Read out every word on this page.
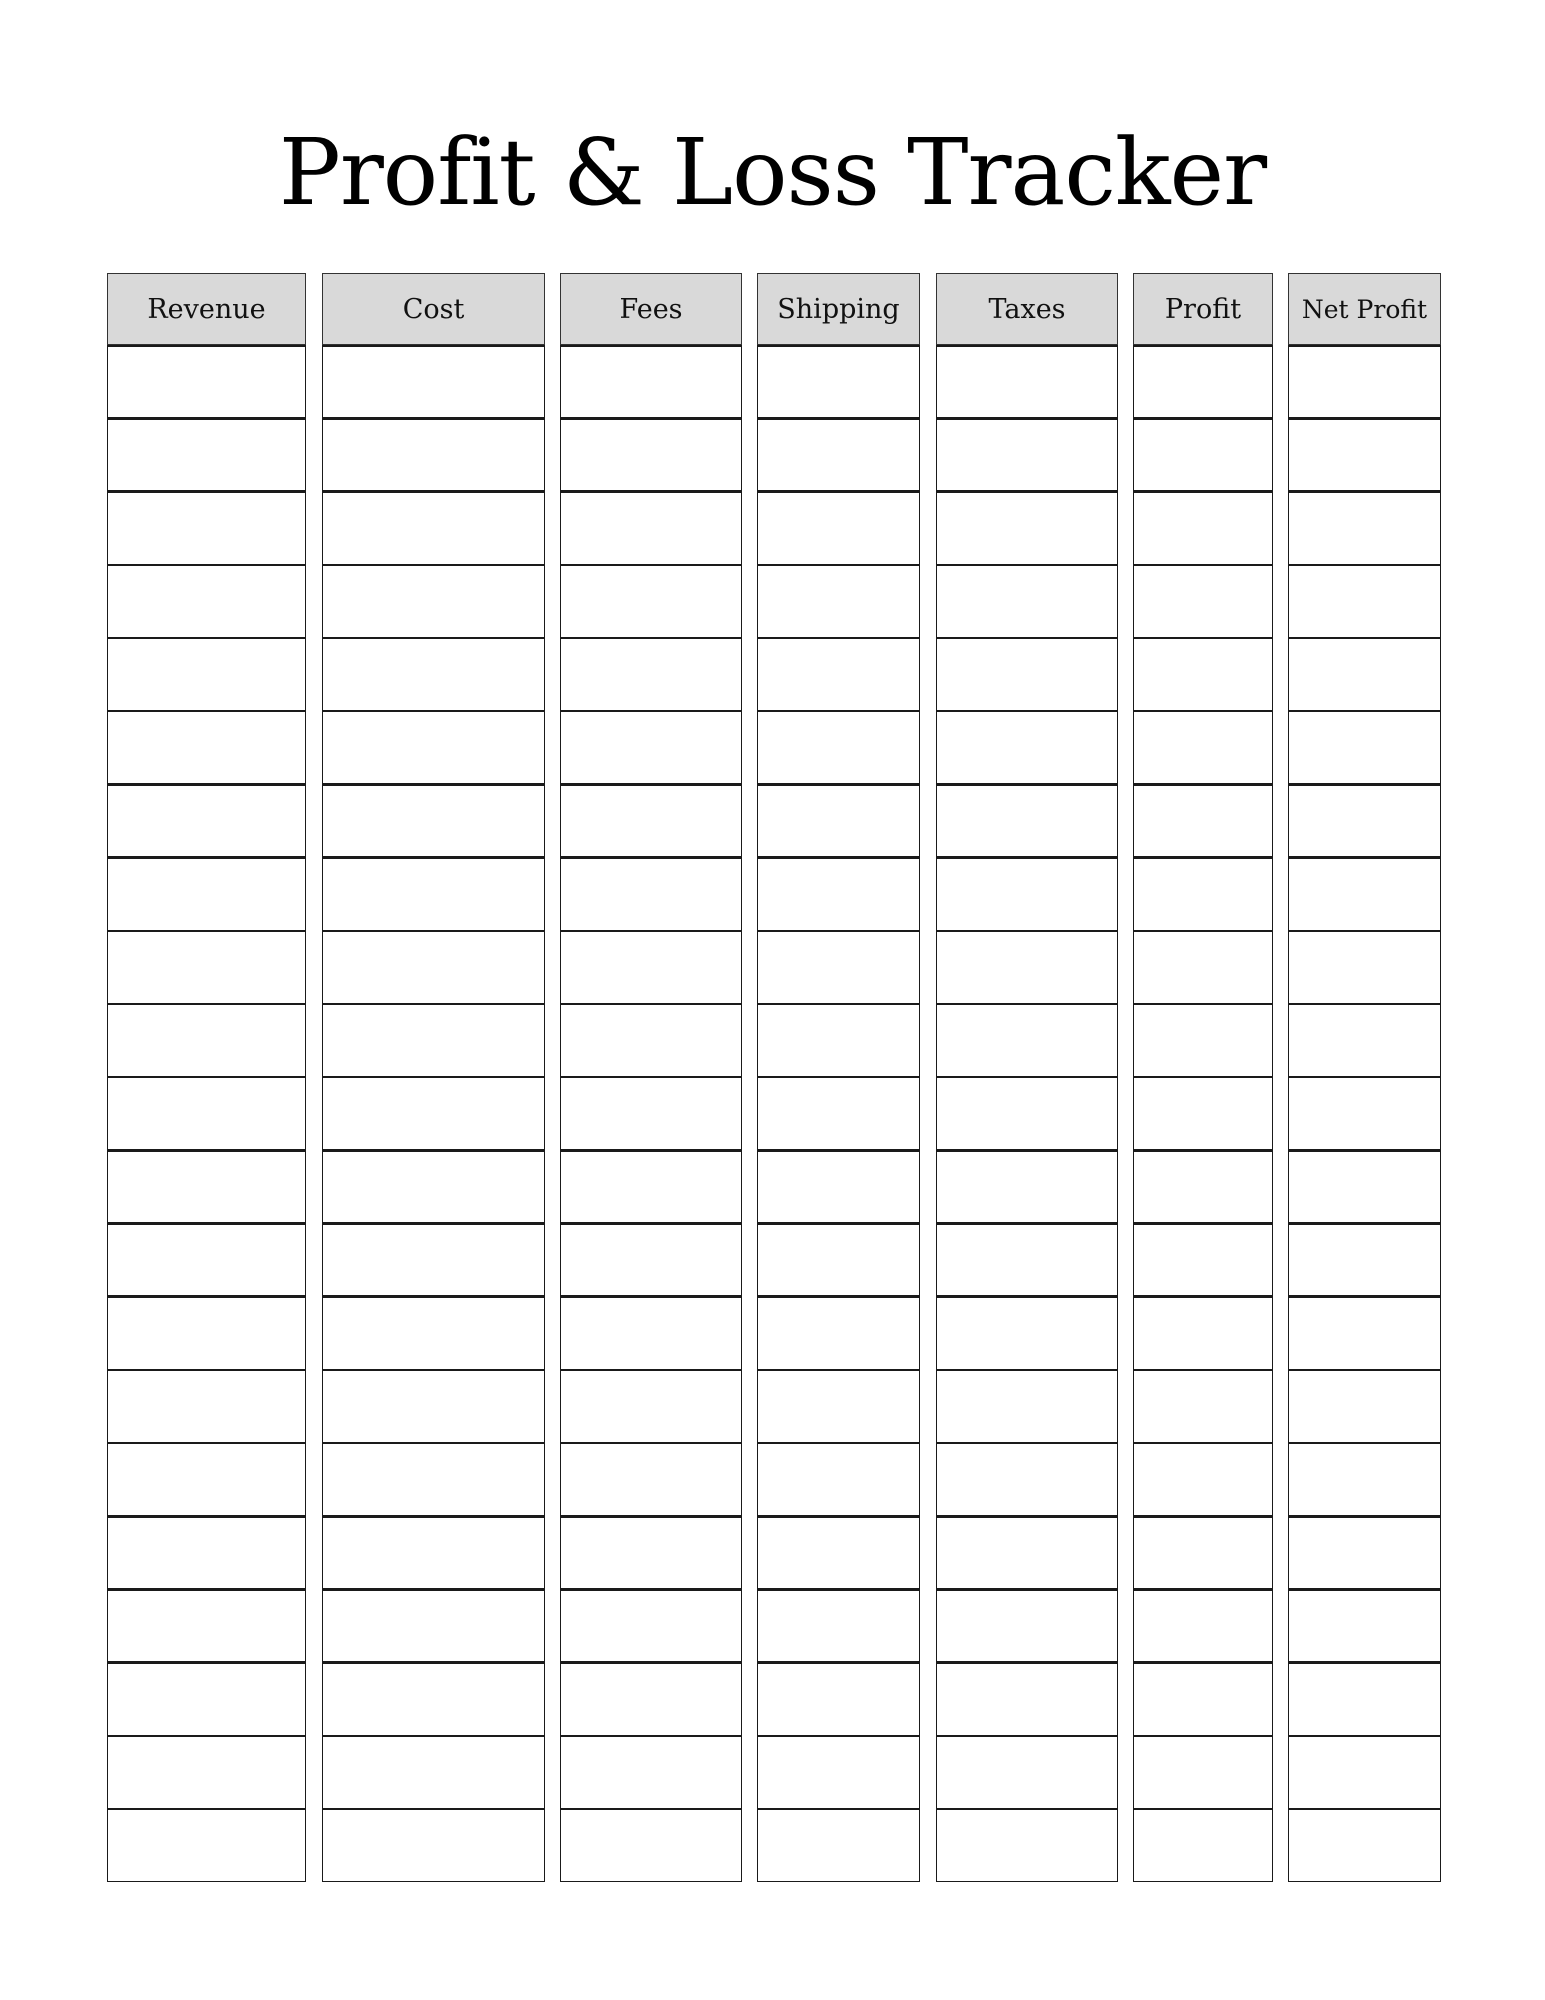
Profit & Loss Tracker
Revenue	Cost	Fees	Shipping	Taxes	Profit	Net Profit
